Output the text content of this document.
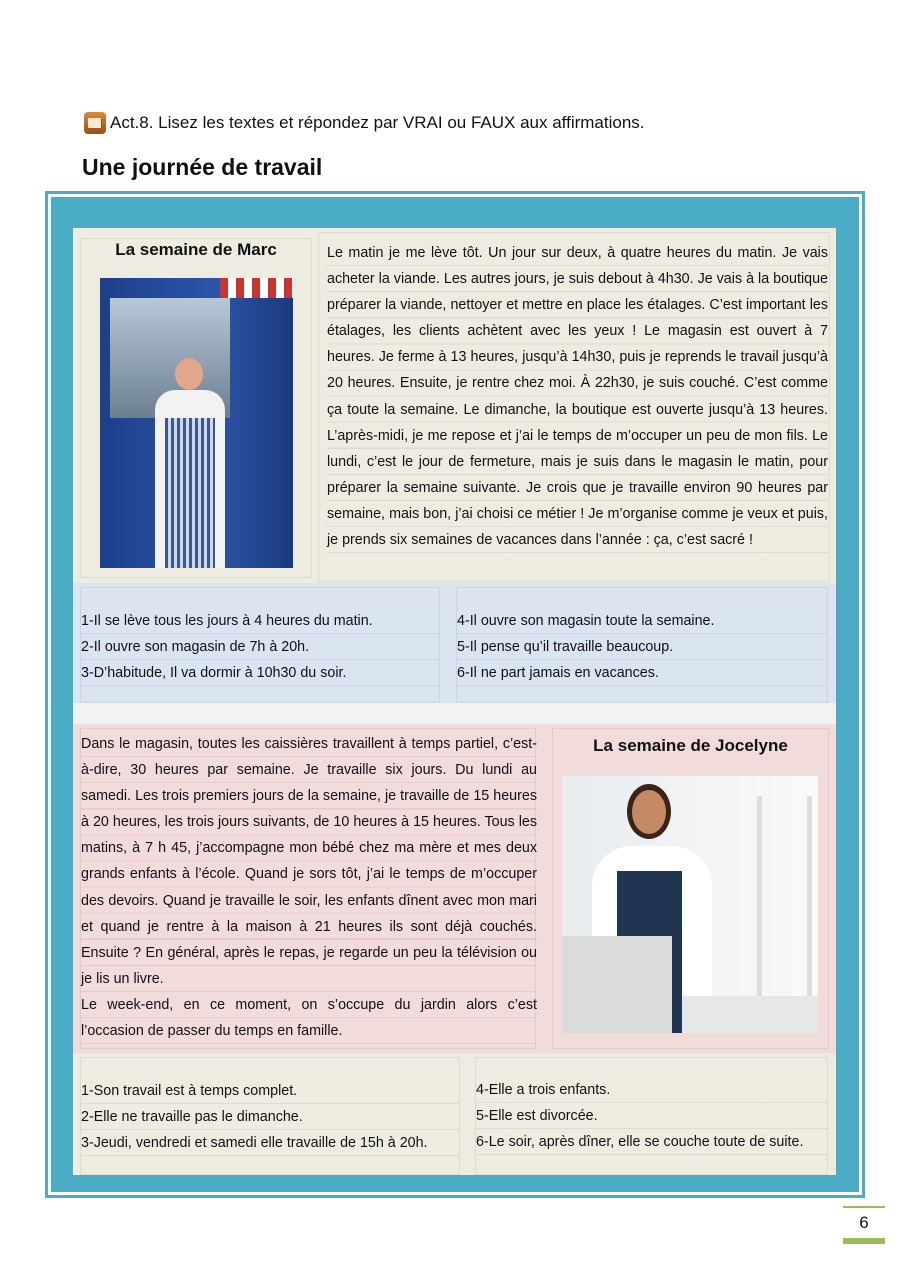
Act.8. Lisez les textes et répondez par VRAI ou FAUX aux affirmations.
Une journée de travail
La semaine de Marc	Le matin je me lève tôt. Un jour sur deux, à quatre heures du matin. Je vais acheter la viande. Les autres jours, je suis debout à 4h30. Je vais à la boutique préparer la viande, nettoyer et mettre en place les étalages. C’est important les étalages, les clients achètent avec les yeux ! Le magasin est ouvert à 7 heures. Je ferme à 13 heures, jusqu’à 14h30, puis je reprends le travail jusqu’à 20 heures. Ensuite, je rentre chez moi. À 22h30, je suis couché. C’est comme ça toute la semaine. Le dimanche, la boutique est ouverte jusqu’à 13 heures. L’après-midi, je me repose et j’ai le temps de m’occuper un peu de mon fils. Le lundi, c’est le jour de fermeture, mais je suis dans le magasin le matin, pour préparer la semaine suivante. Je crois que je travaille environ 90 heures par semaine, mais bon, j’ai choisi ce métier ! Je m’organise comme je veux et puis, je prends six semaines de vacances dans l’année : ça, c’est sacré !
1-Il se lève tous les jours à 4 heures du matin.
2-Il ouvre son magasin de 7h à 20h.
3-D’habitude, Il va dormir à 10h30 du soir.
4-Il ouvre son magasin toute la semaine.
5-Il pense qu’il travaille beaucoup.
6-Il ne part jamais en vacances.
Dans le magasin, toutes les caissières travaillent à temps partiel, c’est-à-dire, 30 heures par semaine. Je travaille six jours. Du lundi au samedi. Les trois premiers jours de la semaine, je travaille de 15 heures à 20 heures, les trois jours suivants, de 10 heures à 15 heures. Tous les matins, à 7 h 45, j’accompagne mon bébé chez ma mère et mes deux grands enfants à l’école. Quand je sors tôt, j’ai le temps de m’occuper des devoirs. Quand je travaille le soir, les enfants dînent avec mon mari et quand je rentre à la maison à 21 heures ils sont déjà couchés. Ensuite ? En général, après le repas, je regarde un peu la télévision ou je lis un livre.
Le week-end, en ce moment, on s’occupe du jardin alors c’est l’occasion de passer du temps en famille.
La semaine de Jocelyne
1-Son travail est à temps complet.
2-Elle ne travaille pas le dimanche.
3-Jeudi, vendredi et samedi elle travaille de 15h à 20h.
4-Elle a trois enfants.
5-Elle est divorcée.
6-Le soir, après dîner, elle se couche toute de suite.
6
